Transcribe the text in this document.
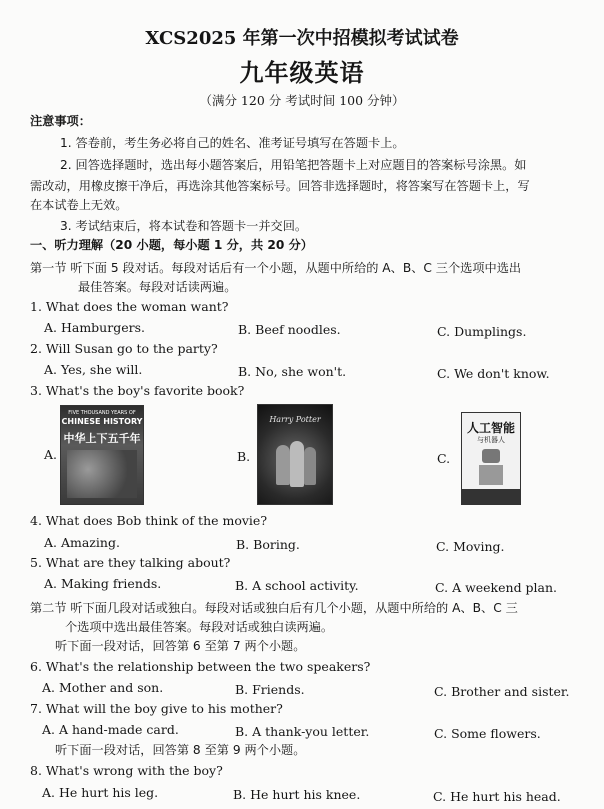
XCS2025 年第一次中招模拟考试试卷
九年级英语
（满分 120 分 考试时间 100 分钟）
注意事项：
1. 答卷前，考生务必将自己的姓名、准考证号填写在答题卡上。
2. 回答选择题时，选出每小题答案后，用铅笔把答题卡上对应题目的答案标号涂黑。如
需改动，用橡皮擦干净后，再选涂其他答案标号。回答非选择题时，将答案写在答题卡上，写
在本试卷上无效。
3. 考试结束后，将本试卷和答题卡一并交回。
一、听力理解（20 小题，每小题 1 分，共 20 分）
第一节 听下面 5 段对话。每段对话后有一个小题，从题中所给的 A、B、C 三个选项中选出
最佳答案。每段对话读两遍。
1. What does the woman want?
A. Hamburgers.	B. Beef noodles.	C. Dumplings.
2. Will Susan go to the party?
A. Yes, she will.	B. No, she won't.	C. We don't know.
3. What's the boy's favorite book?
A.	B.	C.
FIVE THOUSAND YEARS OF
CHINESE HISTORY
中华上下五千年
Harry Potter
人工智能
与机器人
4. What does Bob think of the movie?
A. Amazing.	B. Boring.	C. Moving.
5. What are they talking about?
A. Making friends.	B. A school activity.	C. A weekend plan.
第二节 听下面几段对话或独白。每段对话或独白后有几个小题，从题中所给的 A、B、C 三
个选项中选出最佳答案。每段对话或独白读两遍。
听下面一段对话，回答第 6 至第 7 两个小题。
6. What's the relationship between the two speakers?
A. Mother and son.	B. Friends.	C. Brother and sister.
7. What will the boy give to his mother?
A. A hand-made card.	B. A thank-you letter.	C. Some flowers.
听下面一段对话，回答第 8 至第 9 两个小题。
8. What's wrong with the boy?
A. He hurt his leg.	B. He hurt his knee.	C. He hurt his head.
